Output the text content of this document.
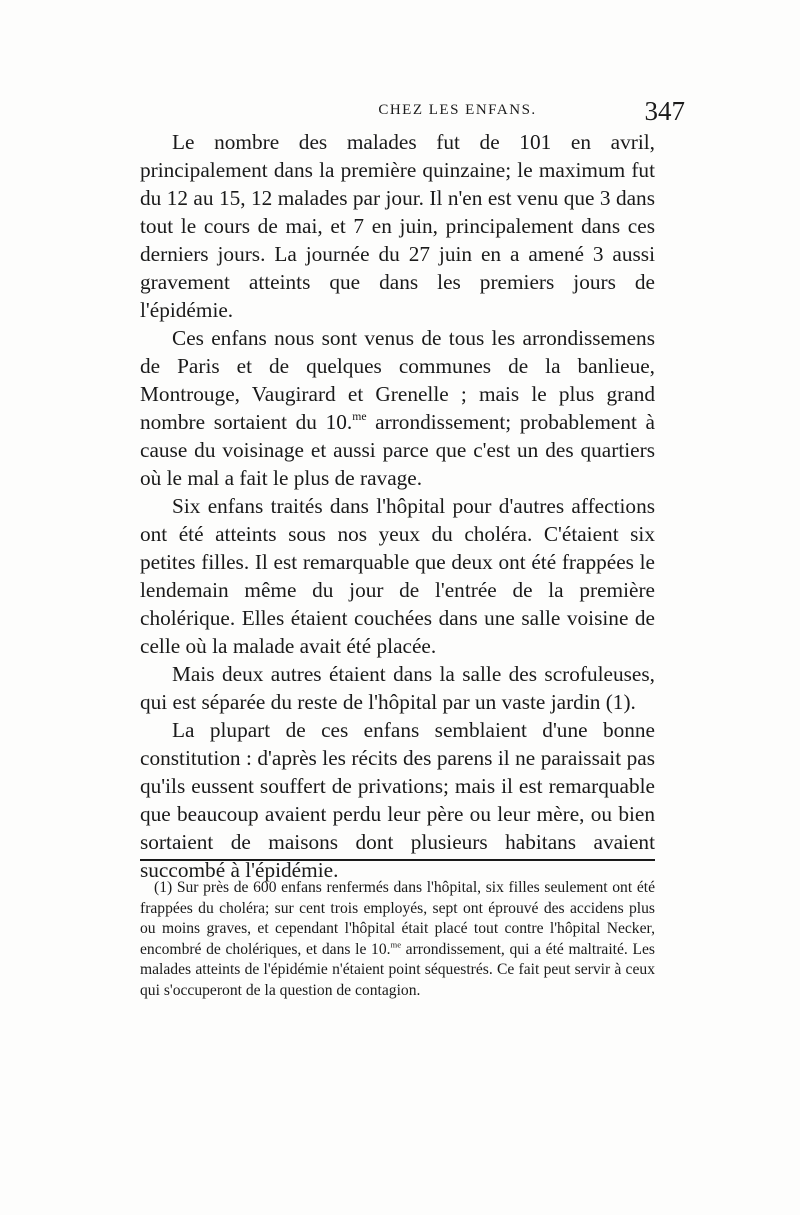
CHEZ LES ENFANS.	347

Le nombre des malades fut de 101 en avril, principalement dans la première quinzaine; le maximum fut du 12 au 15, 12 malades par jour. Il n'en est venu que 3 dans tout le cours de mai, et 7 en juin, principalement dans ces derniers jours. La journée du 27 juin en a amené 3 aussi gravement atteints que dans les premiers jours de l'épidémie.

Ces enfans nous sont venus de tous les arrondissemens de Paris et de quelques communes de la banlieue, Montrouge, Vaugirard et Grenelle ; mais le plus grand nombre sortaient du 10.$^{me}$ arrondissement; probablement à cause du voisinage et aussi parce que c'est un des quartiers où le mal a fait le plus de ravage.

Six enfans traités dans l'hôpital pour d'autres affections ont été atteints sous nos yeux du choléra. C'étaient six petites filles. Il est remarquable que deux ont été frappées le lendemain même du jour de l'entrée de la première cholérique. Elles étaient couchées dans une salle voisine de celle où la malade avait été placée.

Mais deux autres étaient dans la salle des scrofuleuses, qui est séparée du reste de l'hôpital par un vaste jardin (1).

La plupart de ces enfans semblaient d'une bonne constitution : d'après les récits des parens il ne paraissait pas qu'ils eussent souffert de privations; mais il est remarquable que beaucoup avaient perdu leur père ou leur mère, ou bien sortaient de maisons dont plusieurs habitans avaient succombé à l'épidémie.

(1) Sur près de 600 enfans renfermés dans l'hôpital, six filles seulement ont été frappées du choléra; sur cent trois employés, sept ont éprouvé des accidens plus ou moins graves, et cependant l'hôpital était placé tout contre l'hôpital Necker, encombré de cholériques, et dans le 10.$^{me}$ arrondissement, qui a été maltraité. Les malades atteints de l'épidémie n'étaient point séquestrés. Ce fait peut servir à ceux qui s'occuperont de la question de contagion.
